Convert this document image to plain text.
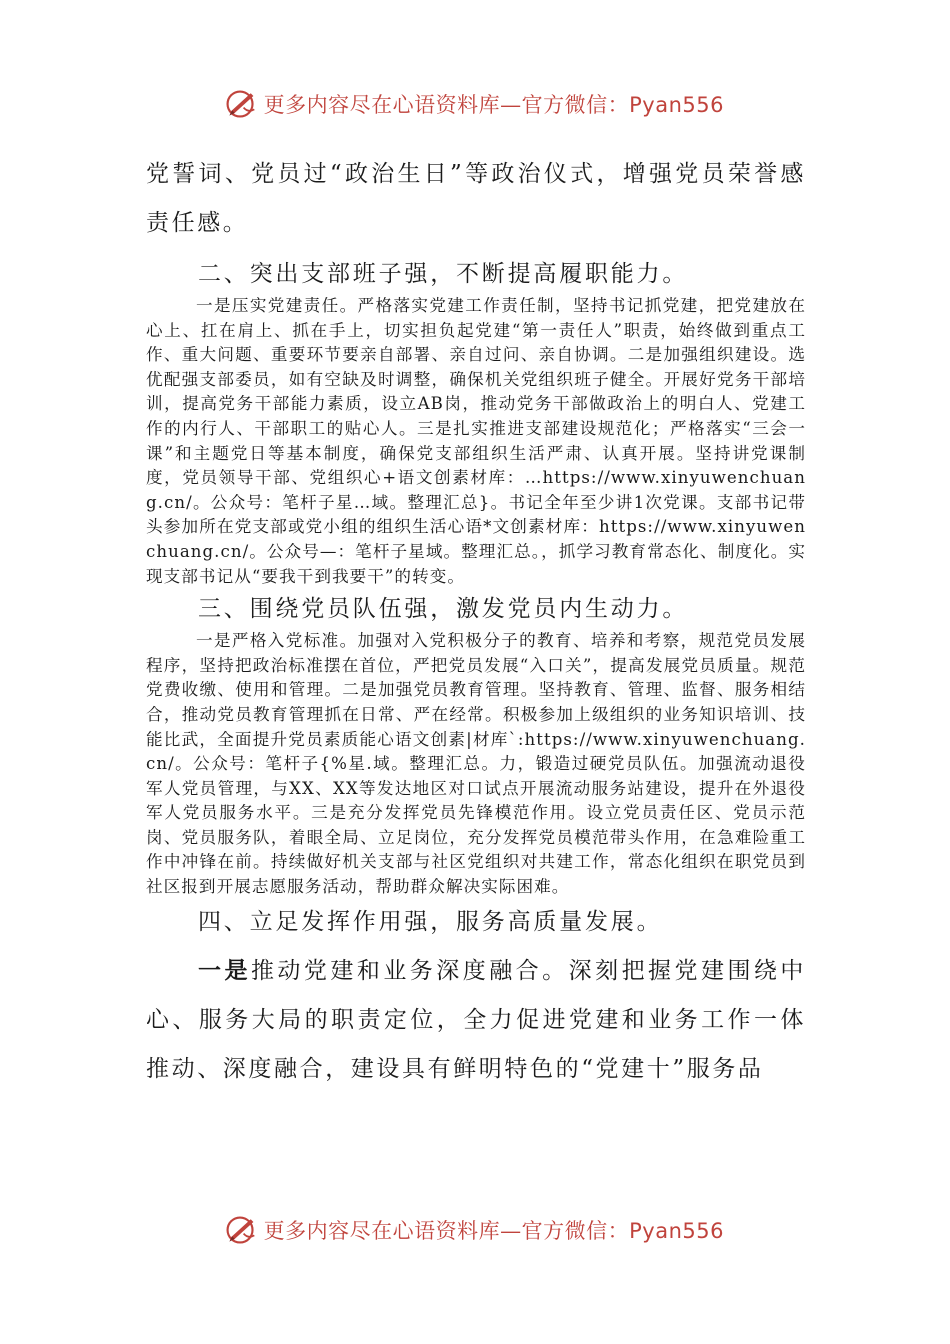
更多内容尽在心语资料库—官方微信：Pyan556

党誓词、党员过“政治生日”等政治仪式，增强党员荣誉感责任感。

二、突出支部班子强，不断提高履职能力。

一是压实党建责任。严格落实党建工作责任制，坚持书记抓党建，把党建放在心上、扛在肩上、抓在手上，切实担负起党建“第一责任人”职责，始终做到重点工作、重大问题、重要环节要亲自部署、亲自过问、亲自协调。二是加强组织建设。选优配强支部委员，如有空缺及时调整，确保机关党组织班子健全。开展好党务干部培训，提高党务干部能力素质，设立AB岗，推动党务干部做政治上的明白人、党建工作的内行人、干部职工的贴心人。三是扎实推进支部建设规范化；严格落实“三会一课”和主题党日等基本制度，确保党支部组织生活严肃、认真开展。坚持讲党课制度，党员领导干部、党组织心+语文创素材库：…https://www.xinyuwenchuang.cn/。公众号：笔杆子星…域。整理汇总}。书记全年至少讲1次党课。支部书记带头参加所在党支部或党小组的组织生活心语*文创素材库：https://www.xinyuwenchuang.cn/。公众号—：笔杆子星域。整理汇总。，抓学习教育常态化、制度化。实现支部书记从“要我干到我要干”的转变。

三、围绕党员队伍强，激发党员内生动力。

一是严格入党标准。加强对入党积极分子的教育、培养和考察，规范党员发展程序，坚持把政治标准摆在首位，严把党员发展“入口关”，提高发展党员质量。规范党费收缴、使用和管理。二是加强党员教育管理。坚持教育、管理、监督、服务相结合，推动党员教育管理抓在日常、严在经常。积极参加上级组织的业务知识培训、技能比武，全面提升党员素质能心语文创素|材库`:https://www.xinyuwenchuang.cn/。公众号：笔杆子{%星.域。整理汇总。力，锻造过硬党员队伍。加强流动退役军人党员管理，与XX、XX等发达地区对口试点开展流动服务站建设，提升在外退役军人党员服务水平。三是充分发挥党员先锋模范作用。设立党员责任区、党员示范岗、党员服务队，着眼全局、立足岗位，充分发挥党员模范带头作用，在急难险重工作中冲锋在前。持续做好机关支部与社区党组织对共建工作，常态化组织在职党员到社区报到开展志愿服务活动，帮助群众解决实际困难。

四、立足发挥作用强，服务高质量发展。

一是推动党建和业务深度融合。深刻把握党建围绕中心、服务大局的职责定位，全力促进党建和业务工作一体推动、深度融合，建设具有鲜明特色的“党建十”服务品

更多内容尽在心语资料库—官方微信：Pyan556
